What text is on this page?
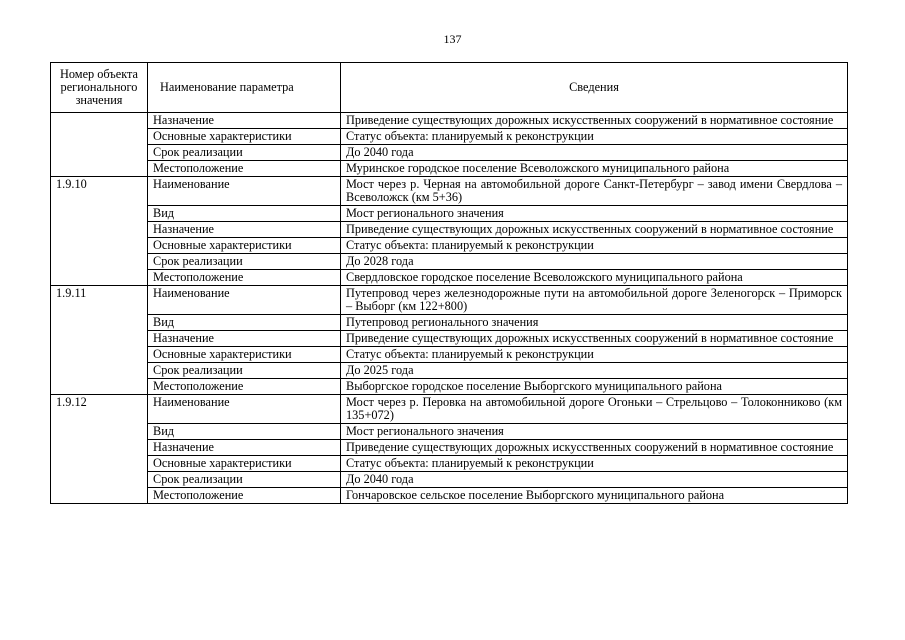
137
Номер объекта регионального значения	Наименование параметра	Сведения
	Назначение	Приведение существующих дорожных искусственных сооружений в нормативное состояние
	Основные характеристики	Статус объекта: планируемый к реконструкции
	Срок реализации	До 2040 года
	Местоположение	Муринское городское поселение Всеволожского муниципального района
1.9.10	Наименование	Мост через р. Черная на автомобильной дороге Санкт-Петербург – завод имени Свердлова – Всеволожск (км 5+36)
	Вид	Мост регионального значения
	Назначение	Приведение существующих дорожных искусственных сооружений в нормативное состояние
	Основные характеристики	Статус объекта: планируемый к реконструкции
	Срок реализации	До 2028 года
	Местоположение	Свердловское городское поселение Всеволожского муниципального района
1.9.11	Наименование	Путепровод через железнодорожные пути на автомобильной дороге Зеленогорск – Приморск – Выборг (км 122+800)
	Вид	Путепровод регионального значения
	Назначение	Приведение существующих дорожных искусственных сооружений в нормативное состояние
	Основные характеристики	Статус объекта: планируемый к реконструкции
	Срок реализации	До 2025 года
	Местоположение	Выборгское городское поселение Выборгского муниципального района
1.9.12	Наименование	Мост через р. Перовка на автомобильной дороге Огоньки – Стрельцово – Толоконниково (км 135+072)
	Вид	Мост регионального значения
	Назначение	Приведение существующих дорожных искусственных сооружений в нормативное состояние
	Основные характеристики	Статус объекта: планируемый к реконструкции
	Срок реализации	До 2040 года
	Местоположение	Гончаровское сельское поселение Выборгского муниципального района
